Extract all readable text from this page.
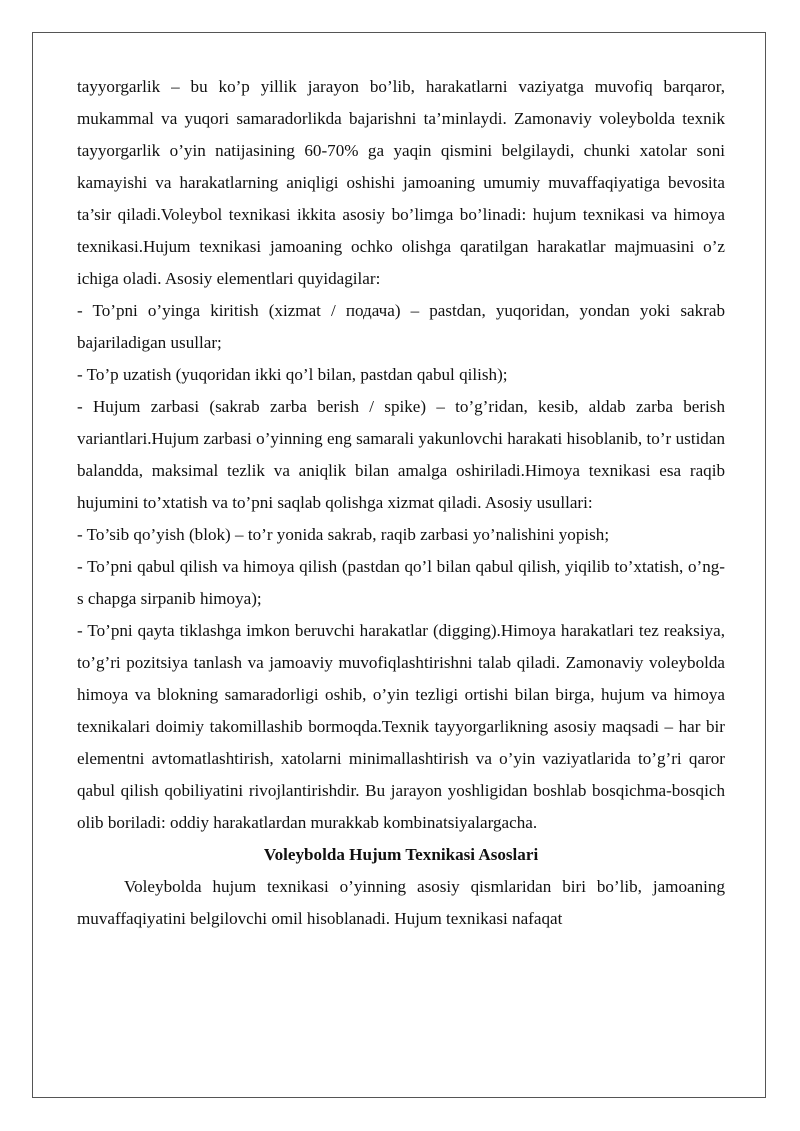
tayyorgarlik – bu ko’p yillik jarayon bo’lib, harakatlarni vaziyatga muvofiq barqaror, mukammal va yuqori samaradorlikda bajarishni ta’minlaydi. Zamonaviy voleybolda texnik tayyorgarlik o’yin natijasining 60-70% ga yaqin qismini belgilaydi, chunki xatolar soni kamayishi va harakatlarning aniqligi oshishi jamoaning umumiy muvaffaqiyatiga bevosita ta’sir qiladi.Voleybol texnikasi ikkita asosiy bo’limga bo’linadi: hujum texnikasi va himoya texnikasi.Hujum texnikasi jamoaning ochko olishga qaratilgan harakatlar majmuasini o’z ichiga oladi. Asosiy elementlari quyidagilar:

- To’pni o’yinga kiritish (xizmat / подача) – pastdan, yuqoridan, yondan yoki sakrab bajariladigan usullar;

- To’p uzatish (yuqoridan ikki qo’l bilan, pastdan qabul qilish);

- Hujum zarbasi (sakrab zarba berish / spike) – to’g’ridan, kesib, aldab zarba berish variantlari.Hujum zarbasi o’yinning eng samarali yakunlovchi harakati hisoblanib, to’r ustidan balandda, maksimal tezlik va aniqlik bilan amalga oshiriladi.Himoya texnikasi esa raqib hujumini to’xtatish va to’pni saqlab qolishga xizmat qiladi. Asosiy usullari:

- To’sib qo’yish (blok) – to’r yonida sakrab, raqib zarbasi yo’nalishini yopish;

- To’pni qabul qilish va himoya qilish (pastdan qo’l bilan qabul qilish, yiqilib to’xtatish, o’ng-s chapga sirpanib himoya);

- To’pni qayta tiklashga imkon beruvchi harakatlar (digging).Himoya harakatlari tez reaksiya, to’g’ri pozitsiya tanlash va jamoaviy muvofiqlashtirishni talab qiladi. Zamonaviy voleybolda himoya va blokning samaradorligi oshib, o’yin tezligi ortishi bilan birga, hujum va himoya texnikalari doimiy takomillashib bormoqda.Texnik tayyorgarlikning asosiy maqsadi – har bir elementni avtomatlashtirish, xatolarni minimallashtirish va o’yin vaziyatlarida to’g’ri qaror qabul qilish qobiliyatini rivojlantirishdir. Bu jarayon yoshligidan boshlab bosqichma-bosqich olib boriladi: oddiy harakatlardan murakkab kombinatsiyalargacha.

Voleybolda Hujum Texnikasi Asoslari

Voleybolda hujum texnikasi o’yinning asosiy qismlaridan biri bo’lib, jamoaning muvaffaqiyatini belgilovchi omil hisoblanadi. Hujum texnikasi nafaqat
